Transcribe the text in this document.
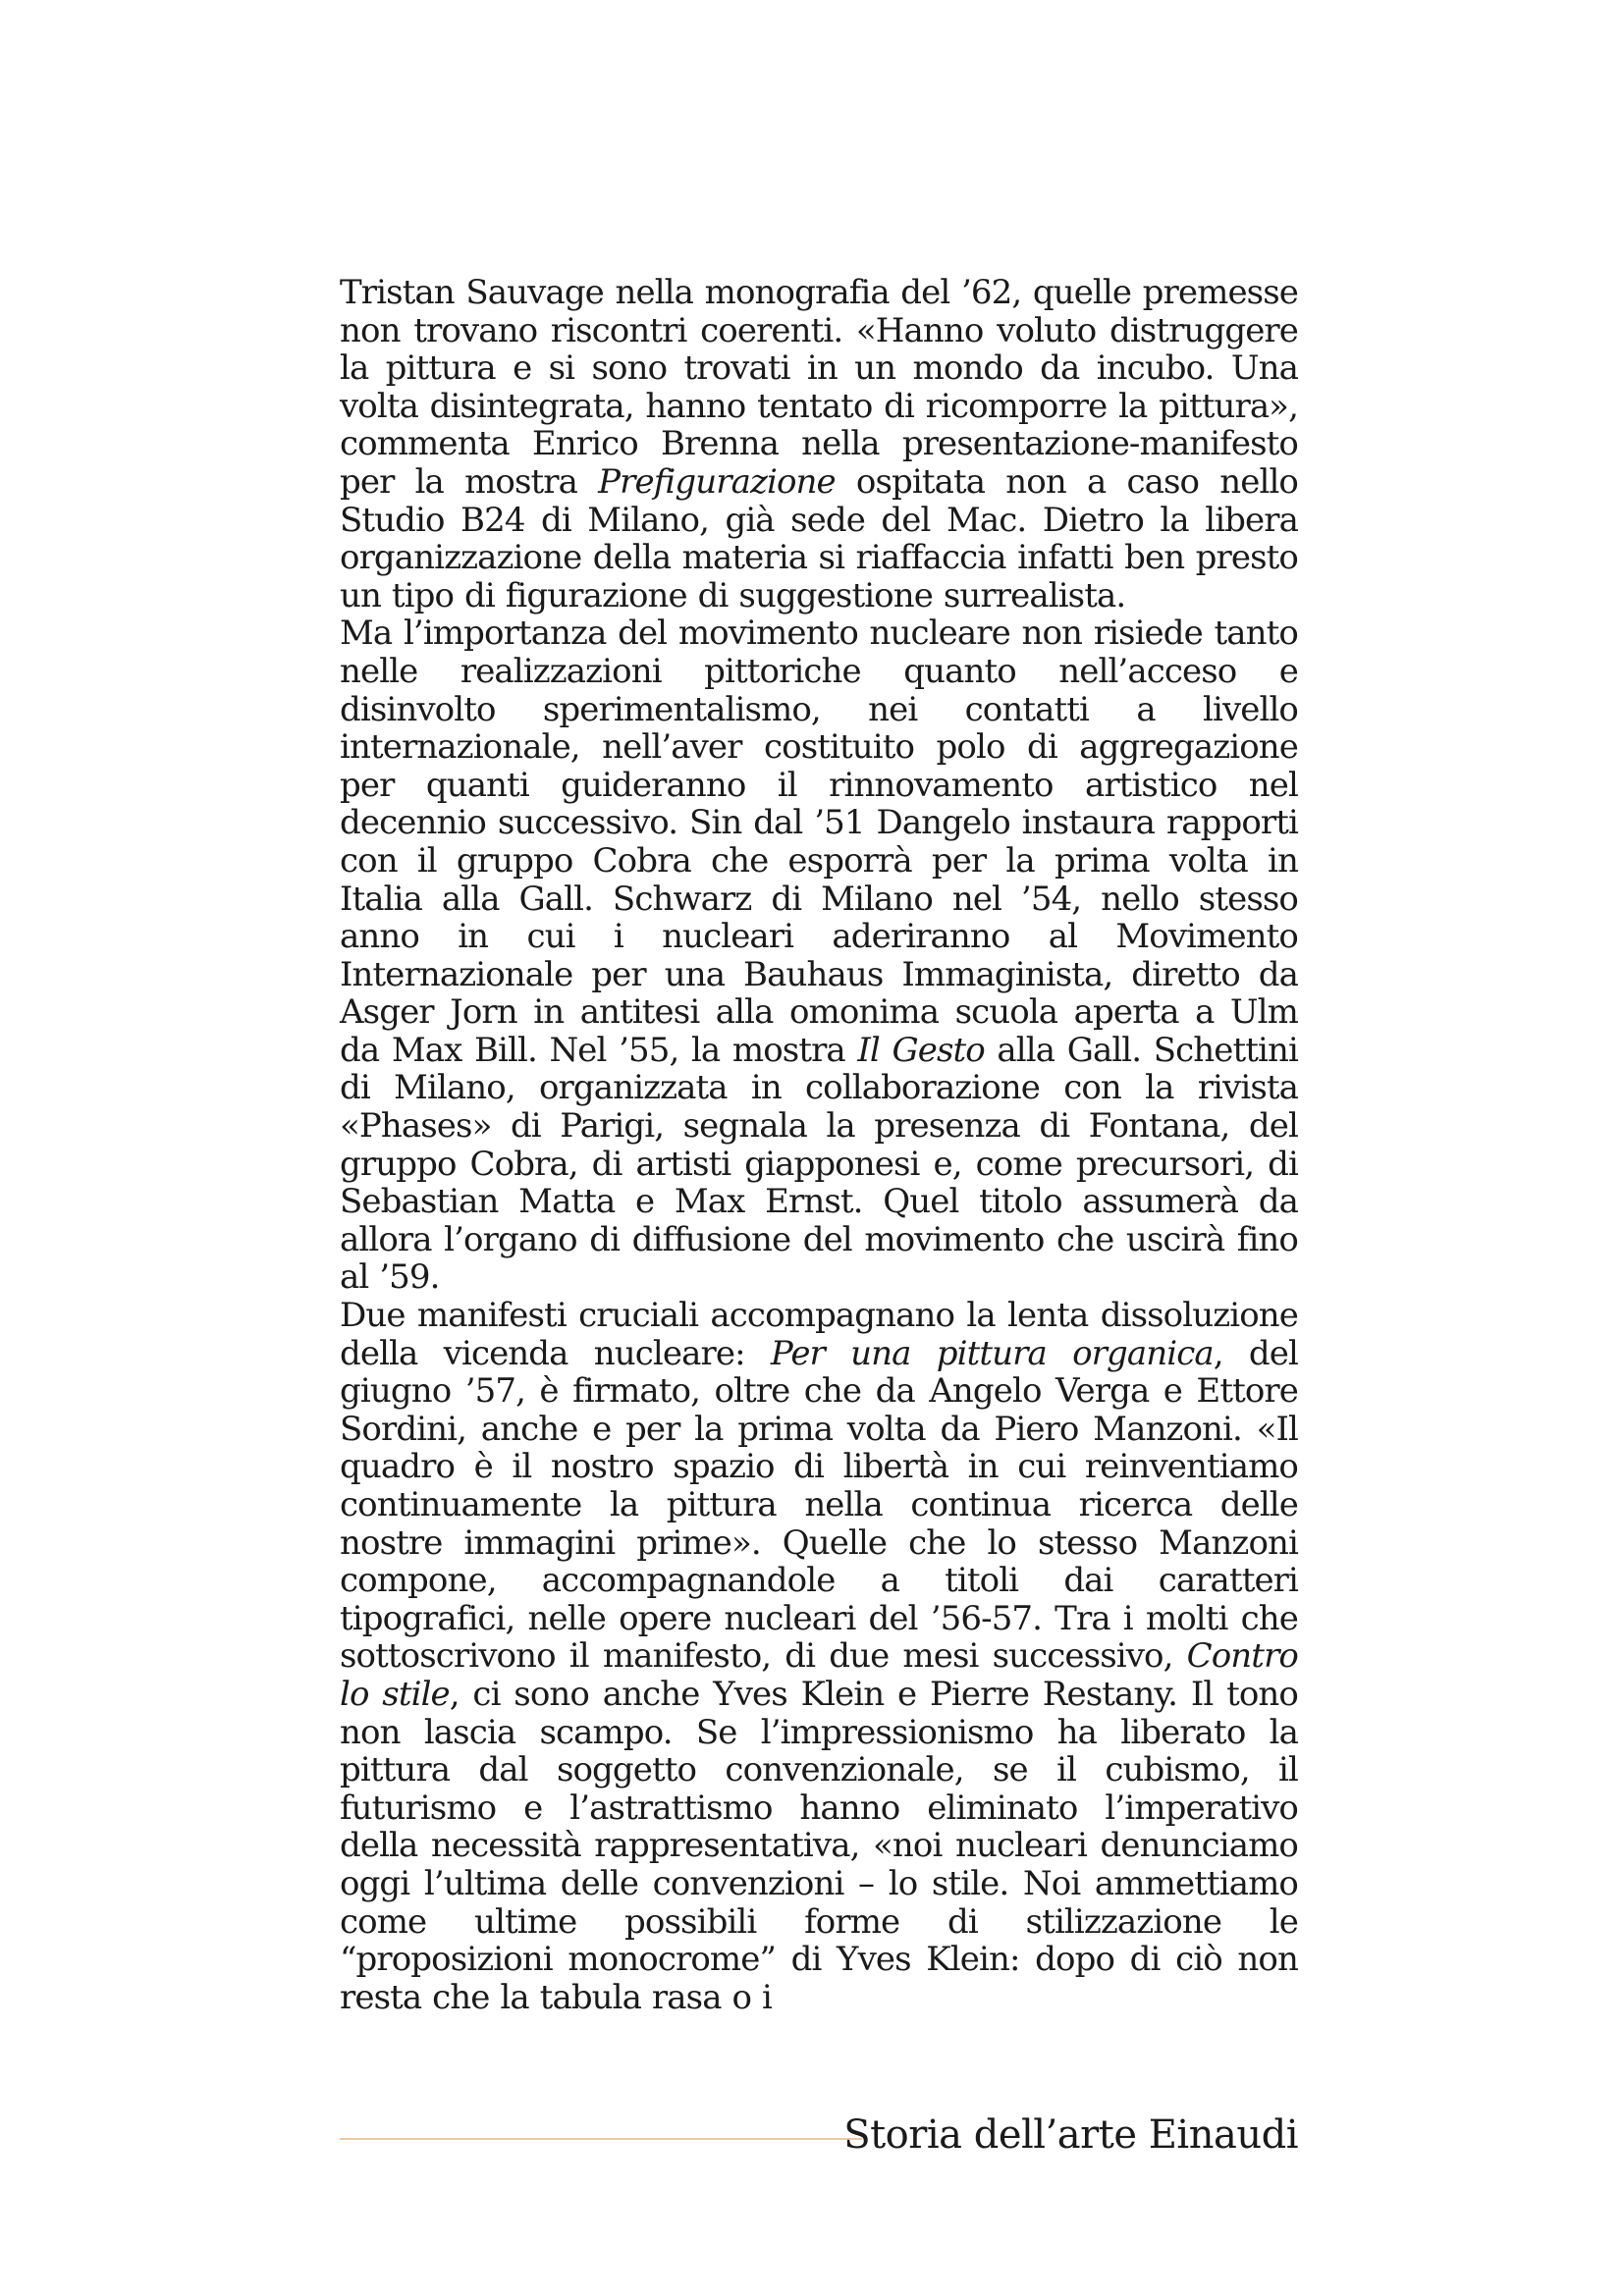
Tristan Sauvage nella monografia del ’62, quelle premesse non trovano riscontri coerenti. «Hanno voluto distruggere la pittura e si sono trovati in un mondo da incubo. Una volta disintegrata, hanno tentato di ricomporre la pittura», commenta Enrico Brenna nella presentazione-manifesto per la mostra Prefigurazione ospitata non a caso nello Studio B24 di Milano, già sede del Mac. Dietro la libera organizzazione della materia si riaffaccia infatti ben presto un tipo di figurazione di suggestione surrealista.

Ma l’importanza del movimento nucleare non risiede tanto nelle realizzazioni pittoriche quanto nell’acceso e disinvolto sperimentalismo, nei contatti a livello internazionale, nell’aver costituito polo di aggregazione per quanti guideranno il rinnovamento artistico nel decennio successivo. Sin dal ’51 Dangelo instaura rapporti con il gruppo Cobra che esporrà per la prima volta in Italia alla Gall. Schwarz di Milano nel ’54, nello stesso anno in cui i nucleari aderiranno al Movimento Internazionale per una Bauhaus Immaginista, diretto da Asger Jorn in antitesi alla omonima scuola aperta a Ulm da Max Bill. Nel ’55, la mostra Il Gesto alla Gall. Schettini di Milano, organizzata in collaborazione con la rivista «Phases» di Parigi, segnala la presenza di Fontana, del gruppo Cobra, di artisti giapponesi e, come precursori, di Sebastian Matta e Max Ernst. Quel titolo assumerà da allora l’organo di diffusione del movimento che uscirà fino al ’59.

Due manifesti cruciali accompagnano la lenta dissoluzione della vicenda nucleare: Per una pittura organica, del giugno ’57, è firmato, oltre che da Angelo Verga e Ettore Sordini, anche e per la prima volta da Piero Manzoni. «Il quadro è il nostro spazio di libertà in cui reinventiamo continuamente la pittura nella continua ricerca delle nostre immagini prime». Quelle che lo stesso Manzoni compone, accompagnandole a titoli dai caratteri tipografici, nelle opere nucleari del ’56-57. Tra i molti che sottoscrivono il manifesto, di due mesi successivo, Contro lo stile, ci sono anche Yves Klein e Pierre Restany. Il tono non lascia scampo. Se l’impressionismo ha liberato la pittura dal soggetto convenzionale, se il cubismo, il futurismo e l’astrattismo hanno eliminato l’imperativo della necessità rappresentativa, «noi nucleari denunciamo oggi l’ultima delle convenzioni – lo stile. Noi ammettiamo come ultime possibili forme di stilizzazione le “proposizioni monocrome” di Yves Klein: dopo di ciò non resta che la tabula rasa o i

Storia dell’arte Einaudi
